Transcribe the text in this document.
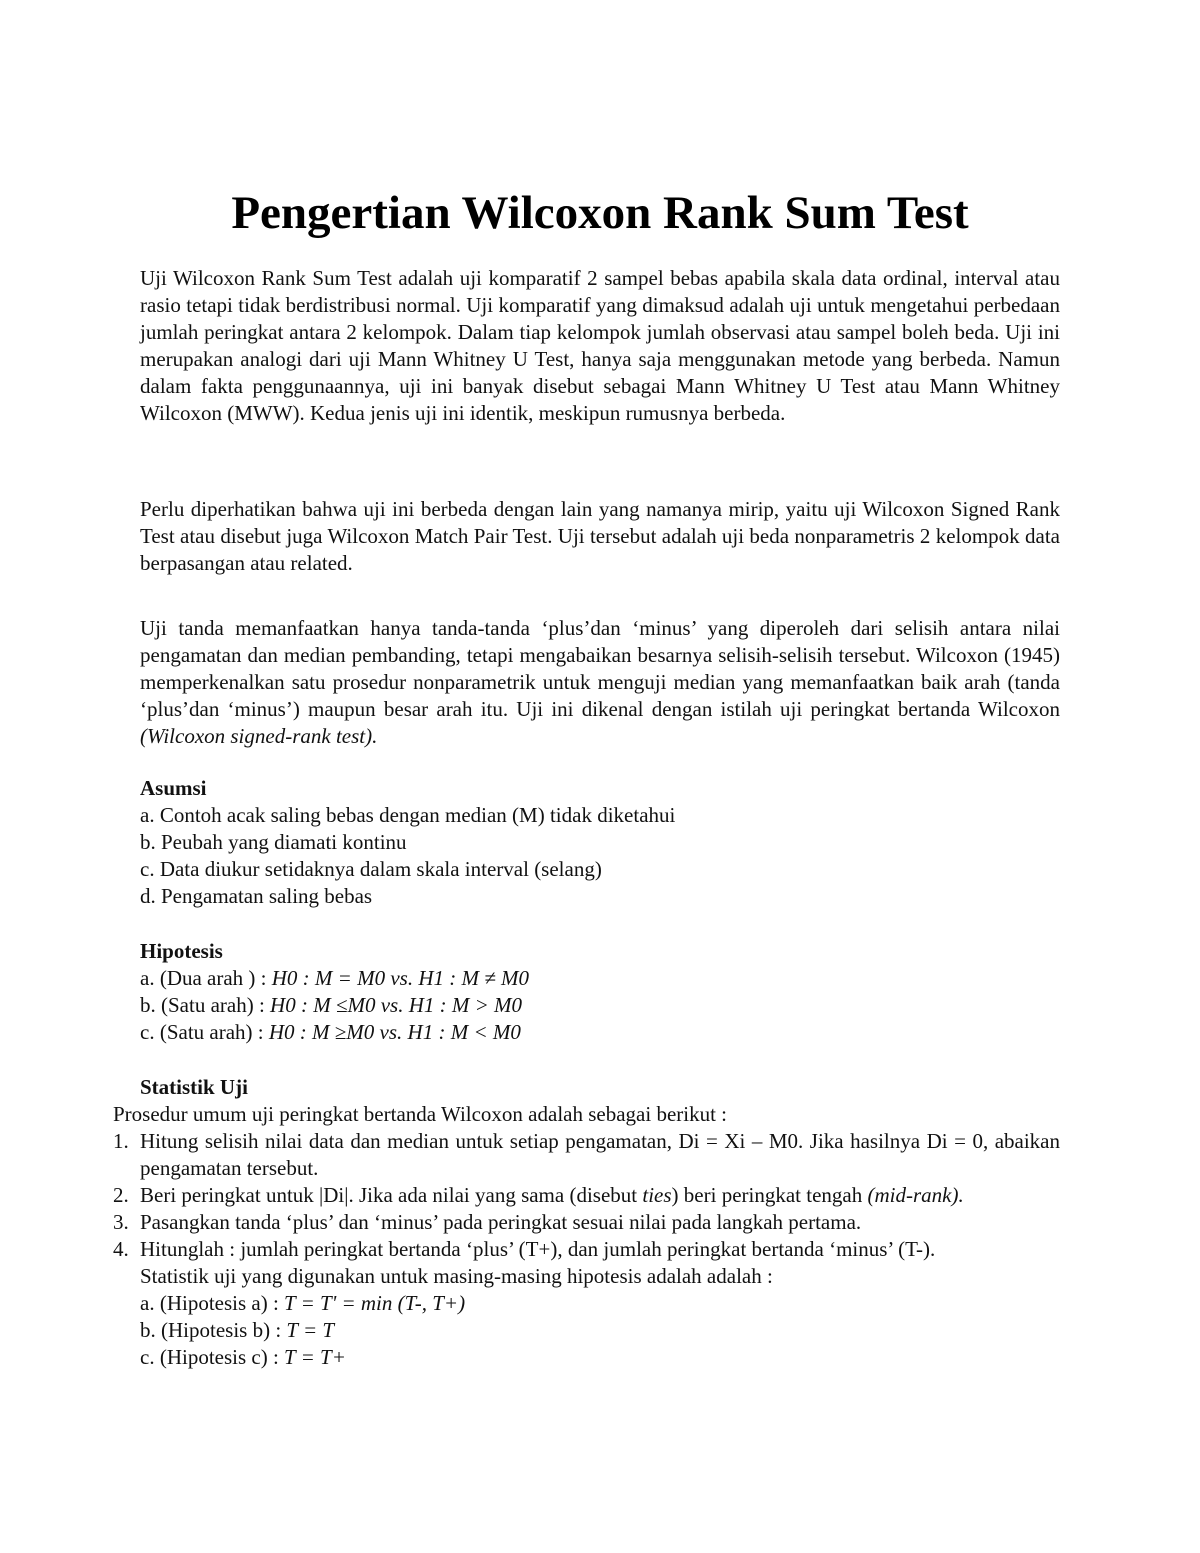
Pengertian Wilcoxon Rank Sum Test

Uji Wilcoxon Rank Sum Test adalah uji komparatif 2 sampel bebas apabila skala data ordinal, interval atau rasio tetapi tidak berdistribusi normal. Uji komparatif yang dimaksud adalah uji untuk mengetahui perbedaan jumlah peringkat antara 2 kelompok. Dalam tiap kelompok jumlah observasi atau sampel boleh beda. Uji ini merupakan analogi dari uji Mann Whitney U Test, hanya saja menggunakan metode yang berbeda. Namun dalam fakta penggunaannya, uji ini banyak disebut sebagai Mann Whitney U Test atau Mann Whitney Wilcoxon (MWW). Kedua jenis uji ini identik, meskipun rumusnya berbeda.

Perlu diperhatikan bahwa uji ini berbeda dengan lain yang namanya mirip, yaitu uji Wilcoxon Signed Rank Test atau disebut juga Wilcoxon Match Pair Test. Uji tersebut adalah uji beda nonparametris 2 kelompok data berpasangan atau related.

Uji tanda memanfaatkan hanya tanda-tanda ‘plus’dan ‘minus’ yang diperoleh dari selisih antara nilai pengamatan dan median pembanding, tetapi mengabaikan besarnya selisih-selisih tersebut. Wilcoxon (1945) memperkenalkan satu prosedur nonparametrik untuk menguji median yang memanfaatkan baik arah (tanda ‘plus’dan ‘minus’) maupun besar arah itu. Uji ini dikenal dengan istilah uji peringkat bertanda Wilcoxon (Wilcoxon signed-rank test).

Asumsi

a. Contoh acak saling bebas dengan median (M) tidak diketahui
b. Peubah yang diamati kontinu
c. Data diukur setidaknya dalam skala interval (selang)
d. Pengamatan saling bebas

Hipotesis

a. (Dua arah ) : H0 : M = M0 vs. H1 : M ≠ M0
b. (Satu arah) : H0 : M ≤M0 vs. H1 : M > M0
c. (Satu arah) : H0 : M ≥M0 vs. H1 : M < M0
Statistik Uji
Prosedur umum uji peringkat bertanda Wilcoxon adalah sebagai berikut :
1. Hitung selisih nilai data dan median untuk setiap pengamatan, Di = Xi – M0. Jika hasilnya Di = 0, abaikan pengamatan tersebut.
2. Beri peringkat untuk |Di|. Jika ada nilai yang sama (disebut ties) beri peringkat tengah (mid-rank).
3. Pasangkan tanda ‘plus’ dan ‘minus’ pada peringkat sesuai nilai pada langkah pertama.
4. Hitunglah : jumlah peringkat bertanda ‘plus’ (T+), dan jumlah peringkat bertanda ‘minus’ (T-).
Statistik uji yang digunakan untuk masing-masing hipotesis adalah adalah :
a. (Hipotesis a) : T = T' = min (T-, T+)
b. (Hipotesis b) : T = T
c. (Hipotesis c) : T = T+
